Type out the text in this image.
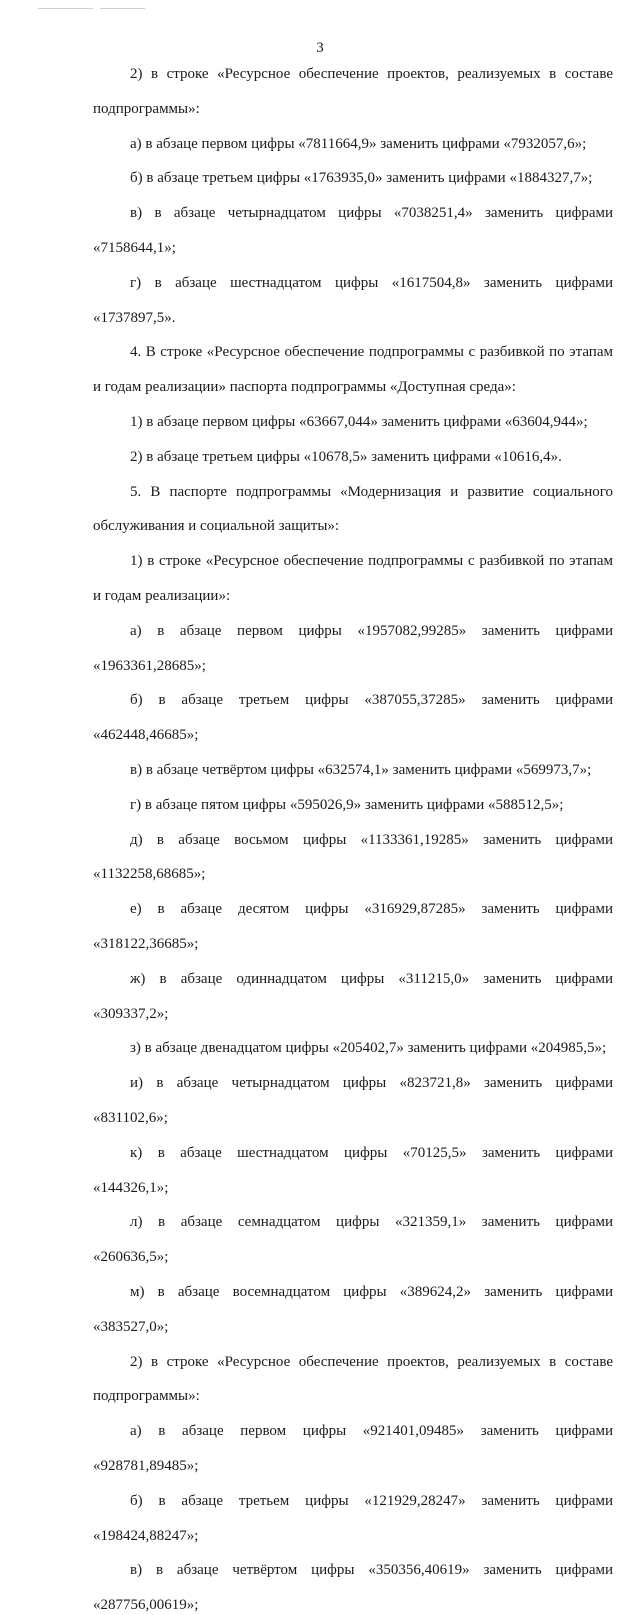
3
2) в строке «Ресурсное обеспечение проектов, реализуемых в составе
подпрограммы»:
а) в абзаце первом цифры «7811664,9» заменить цифрами «7932057,6»;
б) в абзаце третьем цифры «1763935,0» заменить цифрами «1884327,7»;
в) в абзаце четырнадцатом цифры «7038251,4» заменить цифрами
«7158644,1»;
г) в абзаце шестнадцатом цифры «1617504,8» заменить цифрами
«1737897,5».
4. В строке «Ресурсное обеспечение подпрограммы с разбивкой по этапам
и годам реализации» паспорта подпрограммы «Доступная среда»:
1) в абзаце первом цифры «63667,044» заменить цифрами «63604,944»;
2) в абзаце третьем цифры «10678,5» заменить цифрами «10616,4».
5. В паспорте подпрограммы «Модернизация и развитие социального
обслуживания и социальной защиты»:
1) в строке «Ресурсное обеспечение подпрограммы с разбивкой по этапам
и годам реализации»:
а) в абзаце первом цифры «1957082,99285» заменить цифрами
«1963361,28685»;
б) в абзаце третьем цифры «387055,37285» заменить цифрами
«462448,46685»;
в) в абзаце четвёртом цифры «632574,1» заменить цифрами «569973,7»;
г) в абзаце пятом цифры «595026,9» заменить цифрами «588512,5»;
д) в абзаце восьмом цифры «1133361,19285» заменить цифрами
«1132258,68685»;
е) в абзаце десятом цифры «316929,87285» заменить цифрами
«318122,36685»;
ж) в абзаце одиннадцатом цифры «311215,0» заменить цифрами
«309337,2»;
з) в абзаце двенадцатом цифры «205402,7» заменить цифрами «204985,5»;
и) в абзаце четырнадцатом цифры «823721,8» заменить цифрами
«831102,6»;
к) в абзаце шестнадцатом цифры «70125,5» заменить цифрами
«144326,1»;
л) в абзаце семнадцатом цифры «321359,1» заменить цифрами
«260636,5»;
м) в абзаце восемнадцатом цифры «389624,2» заменить цифрами
«383527,0»;
2) в строке «Ресурсное обеспечение проектов, реализуемых в составе
подпрограммы»:
а) в абзаце первом цифры «921401,09485» заменить цифрами
«928781,89485»;
б) в абзаце третьем цифры «121929,28247» заменить цифрами
«198424,88247»;
в) в абзаце четвёртом цифры «350356,40619» заменить цифрами
«287756,00619»;
